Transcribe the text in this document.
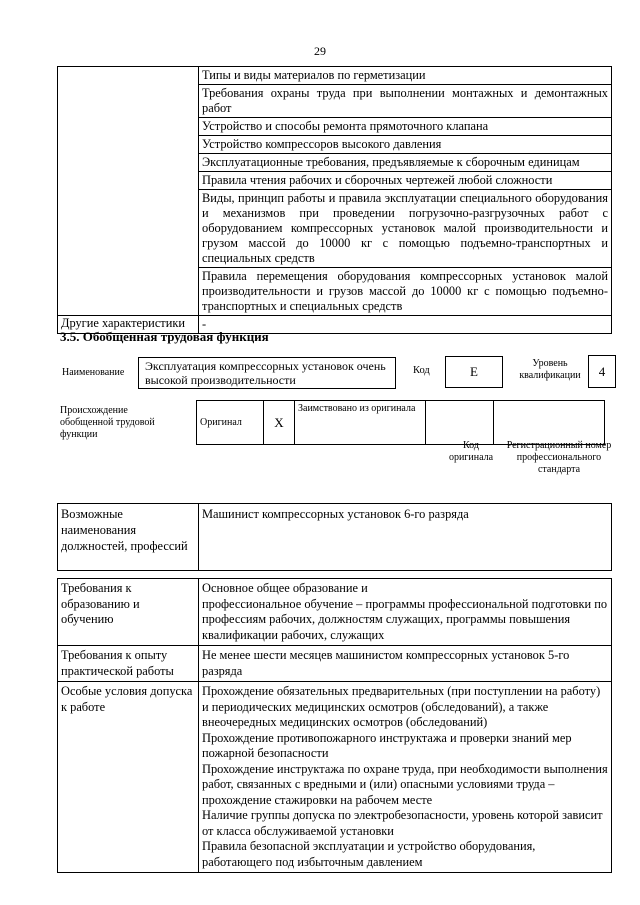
29
	Типы и виды материалов по герметизации
	Требования охраны труда при выполнении монтажных и демонтажных работ
	Устройство и способы ремонта прямоточного клапана
	Устройство компрессоров высокого давления
	Эксплуатационные требования, предъявляемые к сборочным единицам
	Правила чтения рабочих и сборочных чертежей любой сложности
	Виды, принцип работы и правила эксплуатации специального оборудования и механизмов при проведении погрузочно-разгрузочных работ с оборудованием компрессорных установок малой производительности и грузом массой до 10000 кг с помощью подъемно-транспортных и специальных средств
	Правила перемещения оборудования компрессорных установок малой производительности и грузов массой до 10000 кг с помощью подъемно-транспортных и специальных средств
Другие характеристики	-
3.5. Обобщенная трудовая функция
Наименование	Эксплуатация компрессорных установок очень высокой производительности
Код	E
Уровень квалификации	4
Происхождение обобщенной трудовой функции
Оригинал	X	Заимствовано из оригинала		
Код оригинала
Регистрационный номер профессионального стандарта
Возможные наименования должностей, профессий	Машинист компрессорных установок 6-го разряда
Требования к образованию и обучению	Основное общее образование и
профессиональное обучение – программы профессиональной подготовки по профессиям рабочих, должностям служащих, программы повышения квалификации рабочих, служащих

Требования к опыту практической работы	Не менее шести месяцев машинистом компрессорных установок 5-го разряда
Особые условия допуска к работе	Прохождение обязательных предварительных (при поступлении на работу) и периодических медицинских осмотров (обследований), а также внеочередных медицинских осмотров (обследований)
Прохождение противопожарного инструктажа и проверки знаний мер пожарной безопасности
Прохождение инструктажа по охране труда, при необходимости выполнения работ, связанных с вредными и (или) опасными условиями труда – прохождение стажировки на рабочем месте
Наличие группы допуска по электробезопасности, уровень которой зависит от класса обслуживаемой установки
Правила безопасной эксплуатации и устройство оборудования, работающего под избыточным давлением
